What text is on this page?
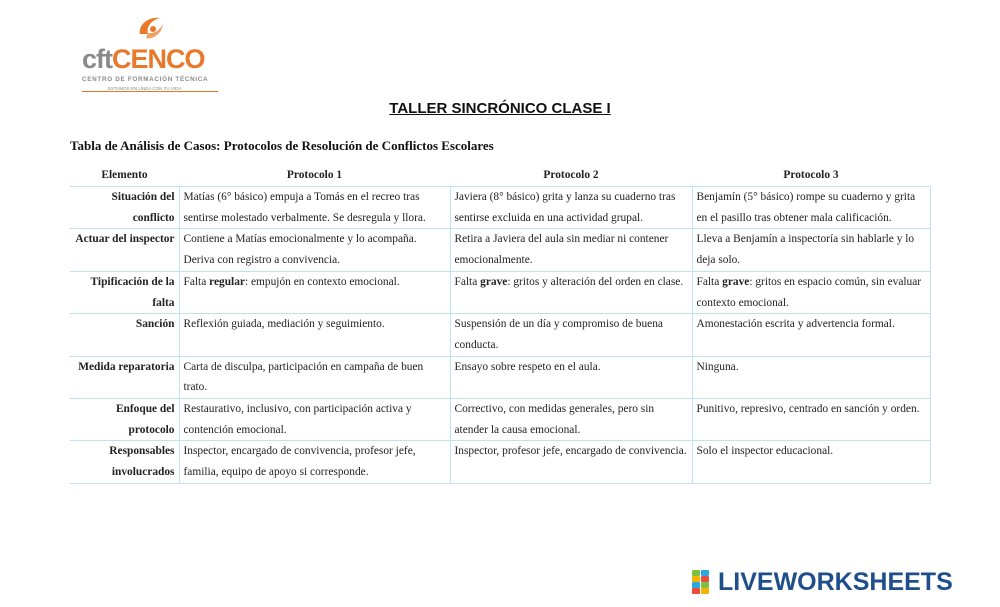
cftCENCO
CENTRO DE FORMACIÓN TÉCNICA
ESTAMOS EN LÍNEA CON TU VIDA
TALLER SINCRÓNICO CLASE I
Tabla de Análisis de Casos: Protocolos de Resolución de Conflictos Escolares
Elemento	Protocolo 1	Protocolo 2	Protocolo 3
Situación del conflicto	Matías (6° básico) empuja a Tomás en el recreo tras sentirse molestado verbalmente. Se desregula y llora.	Javiera (8° básico) grita y lanza su cuaderno tras sentirse excluida en una actividad grupal.	Benjamín (5° básico) rompe su cuaderno y grita en el pasillo tras obtener mala calificación.
Actuar del inspector	Contiene a Matías emocionalmente y lo acompaña. Deriva con registro a convivencia.	Retira a Javiera del aula sin mediar ni contener emocionalmente.	Lleva a Benjamín a inspectoría sin hablarle y lo deja solo.
Tipificación de la falta	Falta regular: empujón en contexto emocional.	Falta grave: gritos y alteración del orden en clase.	Falta grave: gritos en espacio común, sin evaluar contexto emocional.
Sanción	Reflexión guiada, mediación y seguimiento.	Suspensión de un día y compromiso de buena conducta.	Amonestación escrita y advertencia formal.
Medida reparatoria	Carta de disculpa, participación en campaña de buen trato.	Ensayo sobre respeto en el aula.	Ninguna.
Enfoque del protocolo	Restaurativo, inclusivo, con participación activa y contención emocional.	Correctivo, con medidas generales, pero sin atender la causa emocional.	Punitivo, represivo, centrado en sanción y orden.
Responsables involucrados	Inspector, encargado de convivencia, profesor jefe, familia, equipo de apoyo si corresponde.	Inspector, profesor jefe, encargado de convivencia.	Solo el inspector educacional.
LIVEWORKSHEETS
